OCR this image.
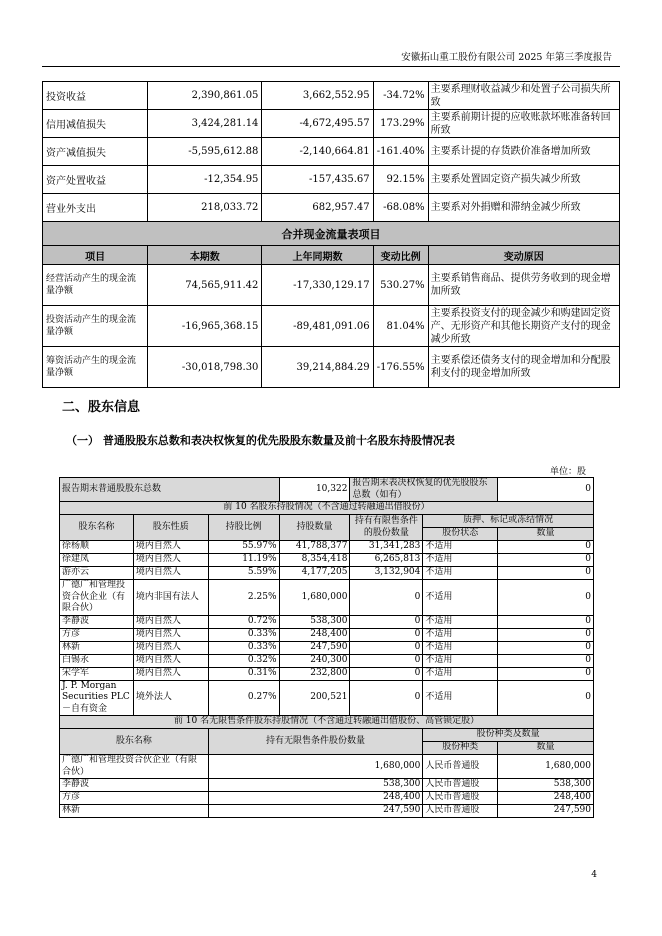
安徽拓山重工股份有限公司 2025 年第三季度报告
投资收益	2,390,861.05	3,662,552.95	-34.72%	主要系理财收益减少和处置子公司损失所致
信用减值损失	3,424,281.14	-4,672,495.57	173.29%	主要系前期计提的应收账款坏账准备转回所致
资产减值损失	-5,595,612.88	-2,140,664.81	-161.40%	主要系计提的存货跌价准备增加所致
资产处置收益	-12,354.95	-157,435.67	92.15%	主要系处置固定资产损失减少所致
营业外支出	218,033.72	682,957.47	-68.08%	主要系对外捐赠和滞纳金减少所致
合并现金流量表项目				
项目	本期数	上年同期数	变动比例	变动原因
经营活动产生的现金流量净额	74,565,911.42	-17,330,129.17	530.27%	主要系销售商品、提供劳务收到的现金增加所致
投资活动产生的现金流量净额	-16,965,368.15	-89,481,091.06	81.04%	主要系投资支付的现金减少和购建固定资产、无形资产和其他长期资产支付的现金减少所致
筹资活动产生的现金流量净额	-30,018,798.30	39,214,884.29	-176.55%	主要系偿还债务支付的现金增加和分配股利支付的现金增加所致
二、股东信息
（一） 普通股股东总数和表决权恢复的优先股股东数量及前十名股东持股情况表
单位：股
报告期末普通股股东总数			10,322	报告期末表决权恢复的优先股股东总数（如有）		0
前 10 名股东持股情况（不含通过转融通出借股份）						
股东名称	股东性质	持股比例	持股数量	持有有限售条件的股份数量	质押、标记或冻结情况	
					股份状态	数量
徐杨顺	境内自然人	55.97%	41,788,377	31,341,283	不适用	0
徐建凤	境内自然人	11.19%	8,354,418	6,265,813	不适用	0
游亦云	境内自然人	5.59%	4,177,205	3,132,904	不适用	0
广德广和管理投资合伙企业（有限合伙）	境内非国有法人	2.25%	1,680,000	0	不适用	0
李静波	境内自然人	0.72%	538,300	0	不适用	0
方彦	境内自然人	0.33%	248,400	0	不适用	0
林新	境内自然人	0.33%	247,590	0	不适用	0
白锡永	境内自然人	0.32%	240,300	0	不适用	0
宋学军	境内自然人	0.31%	232,800	0	不适用	0
J. P. Morgan Securities PLC－自有资金	境外法人	0.27%	200,521	0	不适用	0
前 10 名无限售条件股东持股情况（不含通过转融通出借股份、高管锁定股）						
股东名称		持有无限售条件股份数量			股份种类及数量	
					股份种类	数量
广德广和管理投资合伙企业（有限合伙）		1,680,000			人民币普通股	1,680,000
李静波		538,300			人民币普通股	538,300
方彦		248,400			人民币普通股	248,400
林新		247,590			人民币普通股	247,590
4
